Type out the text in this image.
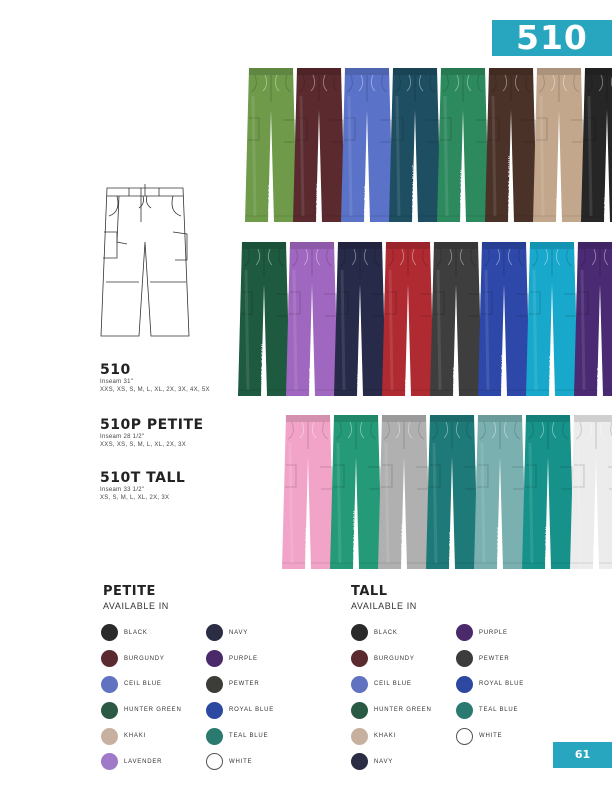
510
NEW SAGE	BURGUNDY	CEIL BLUE	CARIBBEAN BLUE	HUNTER GREEN	CHOCOLATE BROWN	KHAKI	BLACK
HUNTER GREEN	ORCHID	NAVY	RED	PEWTER	ROYAL BLUE	TURQUOISE	PURPLE
CANDY PINK	SURGICAL GREEN	SILVER GREY	TEAL BLUE	SEA BREEZE	TEAL GREEN	WHITE
510
Inseam 31"
XXS, XS, S, M, L, XL, 2X, 3X, 4X, 5X
510P PETITE
Inseam 28 1/2"
XXS, XS, S, M, L, XL, 2X, 3X
510T TALL
Inseam 33 1/2"
XS, S, M, L, XL, 2X, 3X
PETITE
AVAILABLE IN
BLACK	NAVY
BURGUNDY	PURPLE
CEIL BLUE	PEWTER
HUNTER GREEN	ROYAL BLUE
KHAKI	TEAL BLUE
LAVENDER	WHITE
TALL
AVAILABLE IN
BLACK	PURPLE
BURGUNDY	PEWTER
CEIL BLUE	ROYAL BLUE
HUNTER GREEN	TEAL BLUE
KHAKI	WHITE
NAVY
61
